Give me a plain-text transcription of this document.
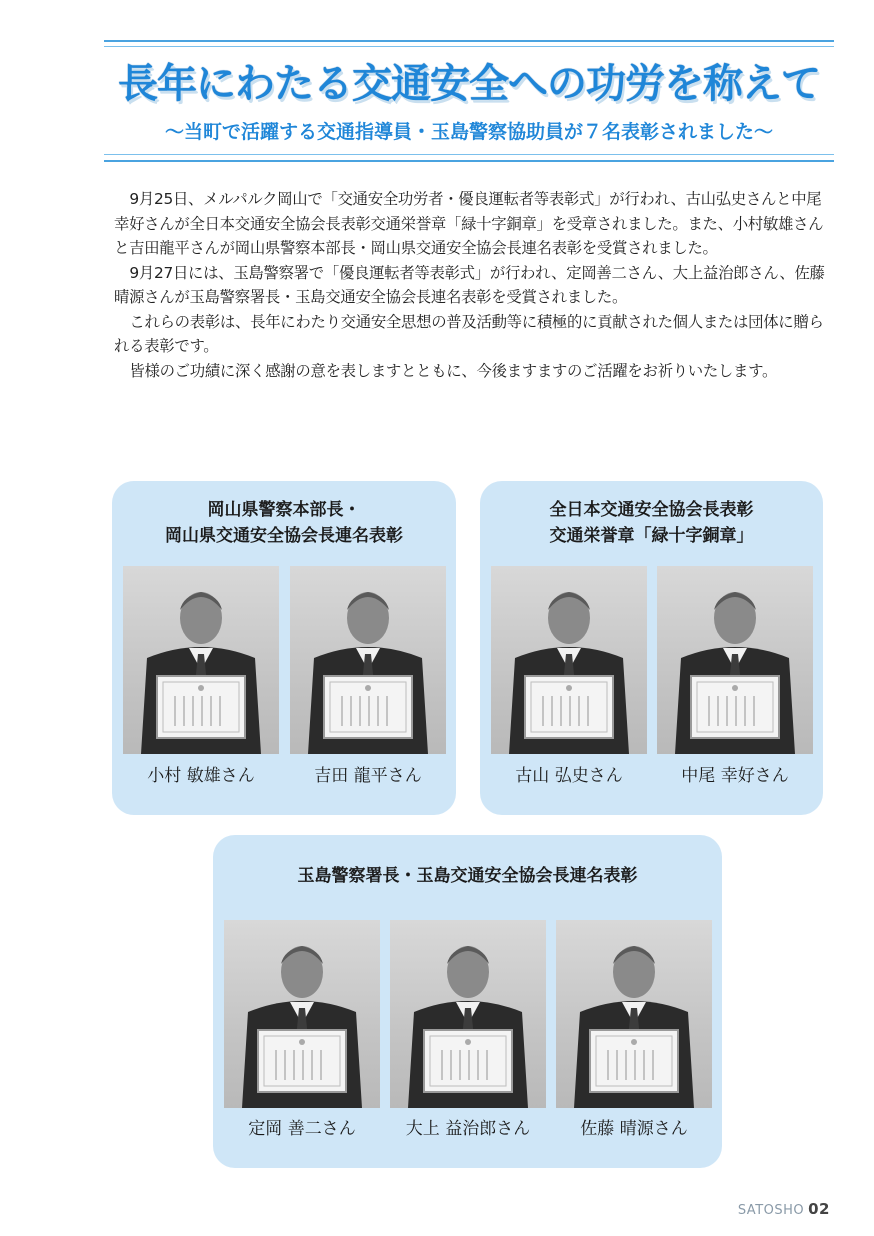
長年にわたる交通安全への功労を称えて
～当町で活躍する交通指導員・玉島警察協助員が７名表彰されました～

9月25日、メルパルク岡山で「交通安全功労者・優良運転者等表彰式」が行われ、古山弘史さんと中尾幸好さんが全日本交通安全協会長表彰交通栄誉章「緑十字銅章」を受章されました。また、小村敏雄さんと吉田龍平さんが岡山県警察本部長・岡山県交通安全協会長連名表彰を受賞されました。

9月27日には、玉島警察署で「優良運転者等表彰式」が行われ、定岡善二さん、大上益治郎さん、佐藤晴源さんが玉島警察署長・玉島交通安全協会長連名表彰を受賞されました。

これらの表彰は、長年にわたり交通安全思想の普及活動等に積極的に貢献された個人または団体に贈られる表彰です。

皆様のご功績に深く感謝の意を表しますとともに、今後ますますのご活躍をお祈りいたします。

岡山県警察本部長・
岡山県交通安全協会長連名表彰
小村 敏雄さん	吉田 龍平さん
全日本交通安全協会長表彰
交通栄誉章「緑十字銅章」
古山 弘史さん	中尾 幸好さん
玉島警察署長・玉島交通安全協会長連名表彰
定岡 善二さん	大上 益治郎さん	佐藤 晴源さん
SATOSHO 02
